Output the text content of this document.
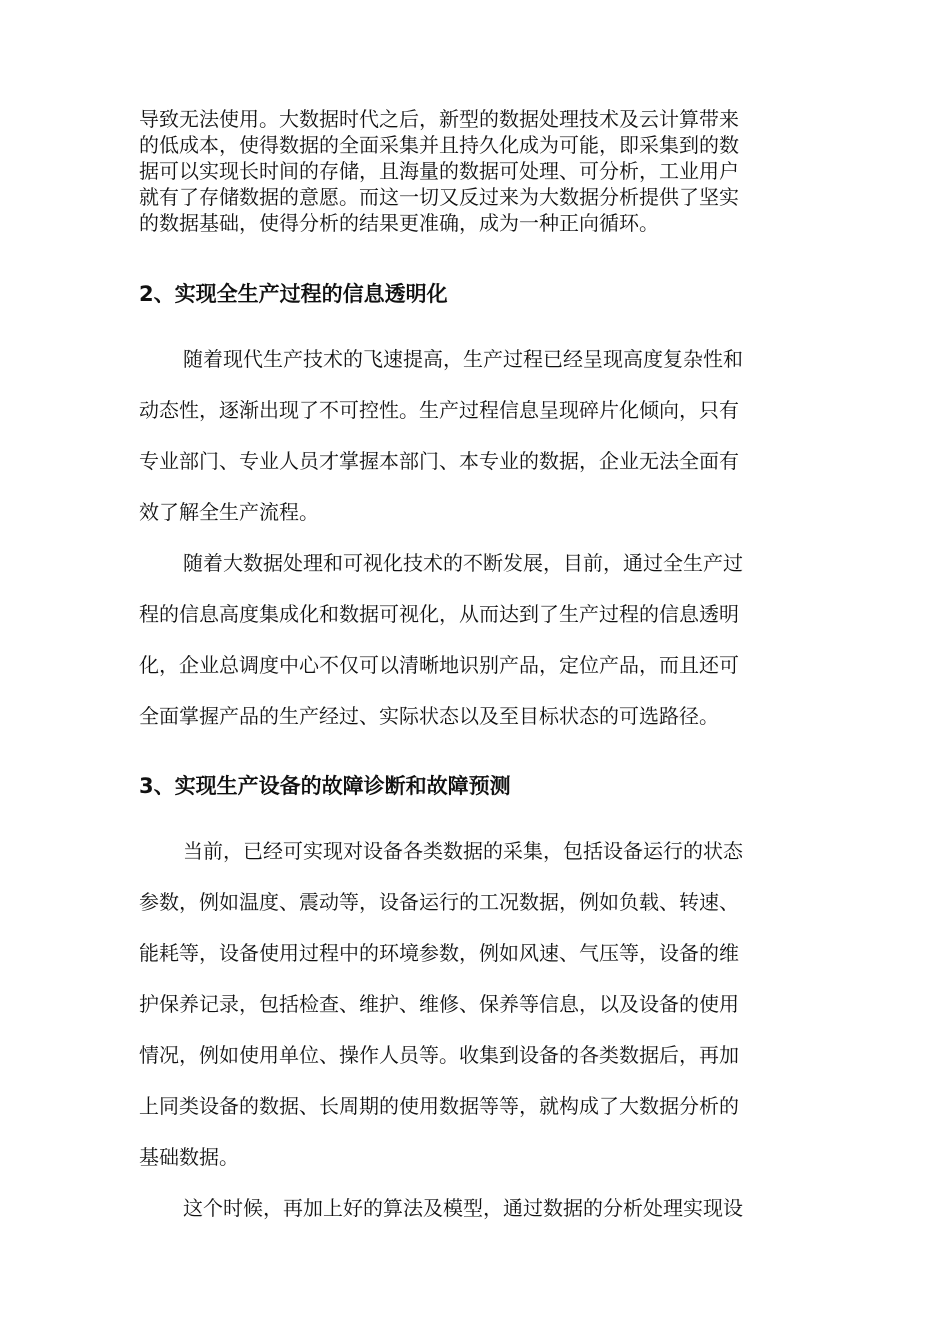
导致无法使用。大数据时代之后，新型的数据处理技术及云计算带来
的低成本，使得数据的全面采集并且持久化成为可能，即采集到的数
据可以实现长时间的存储，且海量的数据可处理、可分析，工业用户
就有了存储数据的意愿。而这一切又反过来为大数据分析提供了坚实
的数据基础，使得分析的结果更准确，成为一种正向循环。
2、实现全生产过程的信息透明化
随着现代生产技术的飞速提高，生产过程已经呈现高度复杂性和
动态性，逐渐出现了不可控性。生产过程信息呈现碎片化倾向，只有
专业部门、专业人员才掌握本部门、本专业的数据，企业无法全面有
效了解全生产流程。
随着大数据处理和可视化技术的不断发展，目前，通过全生产过
程的信息高度集成化和数据可视化，从而达到了生产过程的信息透明
化，企业总调度中心不仅可以清晰地识别产品，定位产品，而且还可
全面掌握产品的生产经过、实际状态以及至目标状态的可选路径。
3、实现生产设备的故障诊断和故障预测
当前，已经可实现对设备各类数据的采集，包括设备运行的状态
参数，例如温度、震动等，设备运行的工况数据，例如负载、转速、
能耗等，设备使用过程中的环境参数，例如风速、气压等，设备的维
护保养记录，包括检查、维护、维修、保养等信息，以及设备的使用
情况，例如使用单位、操作人员等。收集到设备的各类数据后，再加
上同类设备的数据、长周期的使用数据等等，就构成了大数据分析的
基础数据。
这个时候，再加上好的算法及模型，通过数据的分析处理实现设
